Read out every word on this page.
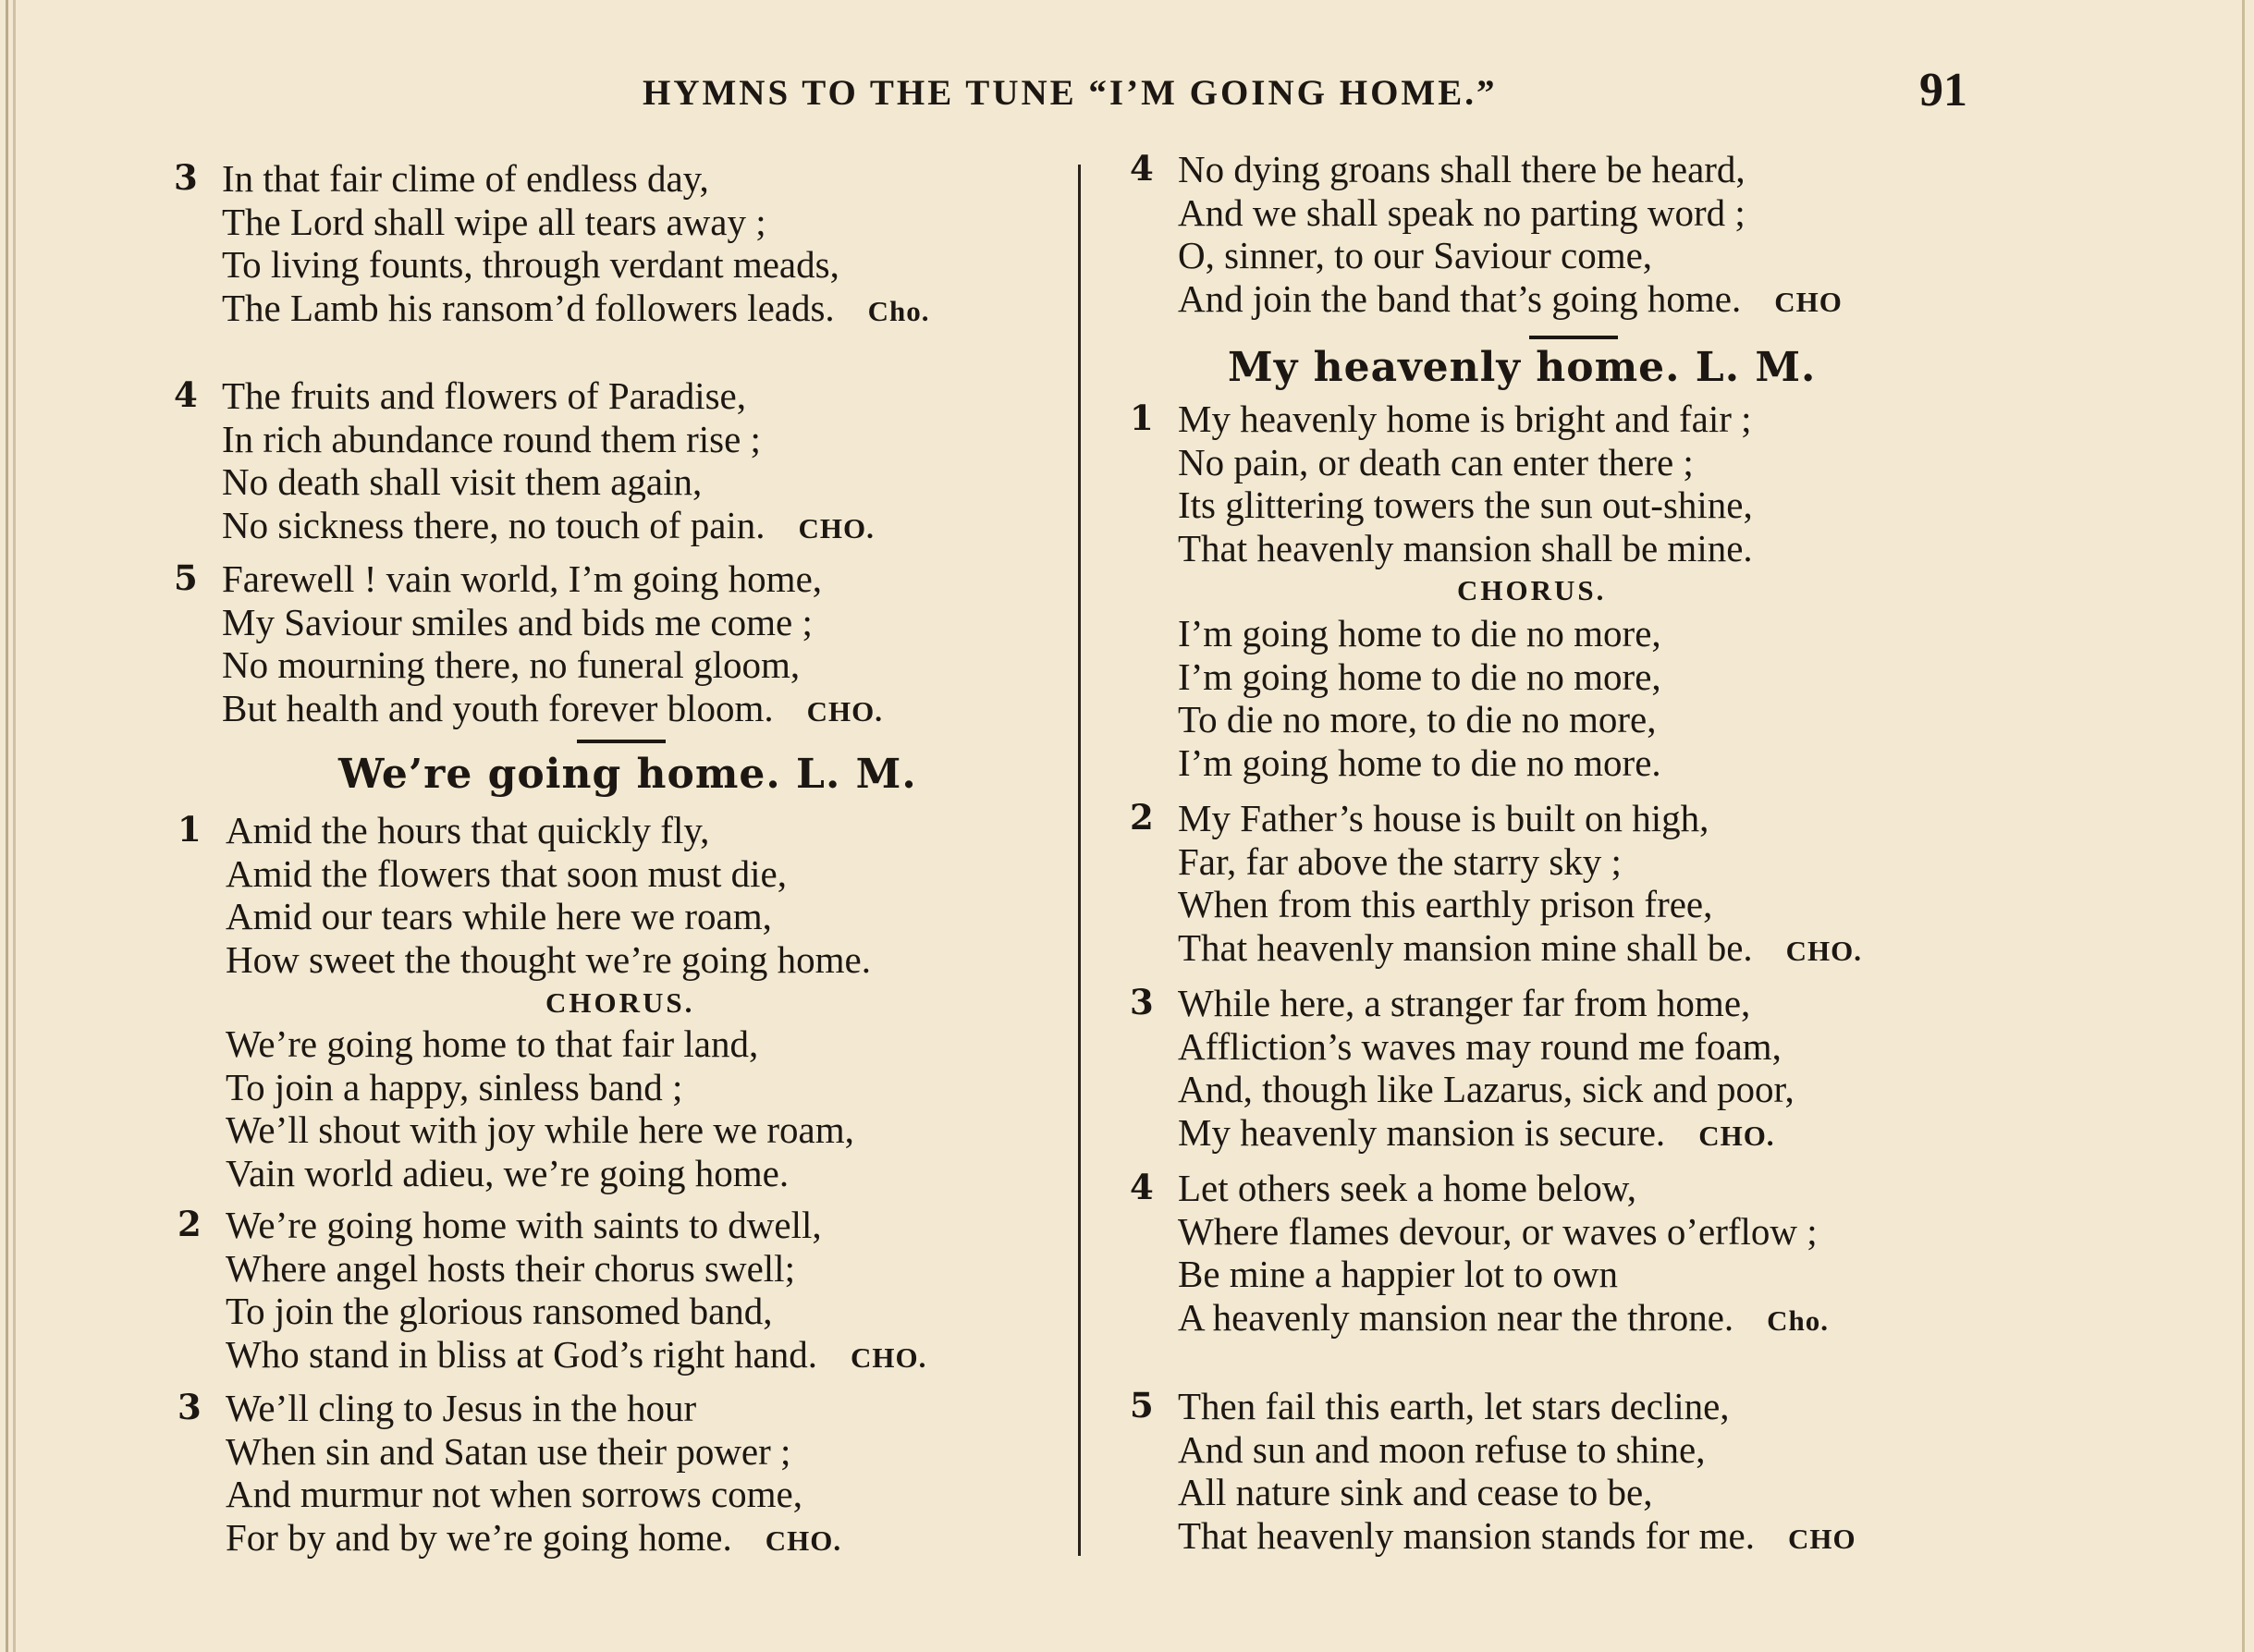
HYMNS TO THE TUNE “I’M GOING HOME.”	91
3 In that fair clime of endless day,
The Lord shall wipe all tears away ;
To living founts, through verdant meads,
The Lamb his ransom’d followers leads. Cho.
4 The fruits and flowers of Paradise,
In rich abundance round them rise ;
No death shall visit them again,
No sickness there, no touch of pain. CHO.
5 Farewell ! vain world, I’m going home,
My Saviour smiles and bids me come ;
No mourning there, no funeral gloom,
But health and youth forever bloom. CHO.
We’re going home. L. M.
1 Amid the hours that quickly fly,
Amid the flowers that soon must die,
Amid our tears while here we roam,
How sweet the thought we’re going home.
CHORUS.
We’re going home to that fair land,
To join a happy, sinless band ;
We’ll shout with joy while here we roam,
Vain world adieu, we’re going home.
2 We’re going home with saints to dwell,
Where angel hosts their chorus swell;
To join the glorious ransomed band,
Who stand in bliss at God’s right hand. CHO.
3 We’ll cling to Jesus in the hour
When sin and Satan use their power ;
And murmur not when sorrows come,
For by and by we’re going home. CHO.
4 No dying groans shall there be heard,
And we shall speak no parting word ;
O, sinner, to our Saviour come,
And join the band that’s going home. CHO
My heavenly home. L. M.
1 My heavenly home is bright and fair ;
No pain, or death can enter there ;
Its glittering towers the sun out-shine,
That heavenly mansion shall be mine.
CHORUS.
I’m going home to die no more,
I’m going home to die no more,
To die no more, to die no more,
I’m going home to die no more.
2 My Father’s house is built on high,
Far, far above the starry sky ;
When from this earthly prison free,
That heavenly mansion mine shall be. CHO.
3 While here, a stranger far from home,
Affliction’s waves may round me foam,
And, though like Lazarus, sick and poor,
My heavenly mansion is secure. CHO.
4 Let others seek a home below,
Where flames devour, or waves o’erflow ;
Be mine a happier lot to own
A heavenly mansion near the throne. Cho.
5 Then fail this earth, let stars decline,
And sun and moon refuse to shine,
All nature sink and cease to be,
That heavenly mansion stands for me. CHO
